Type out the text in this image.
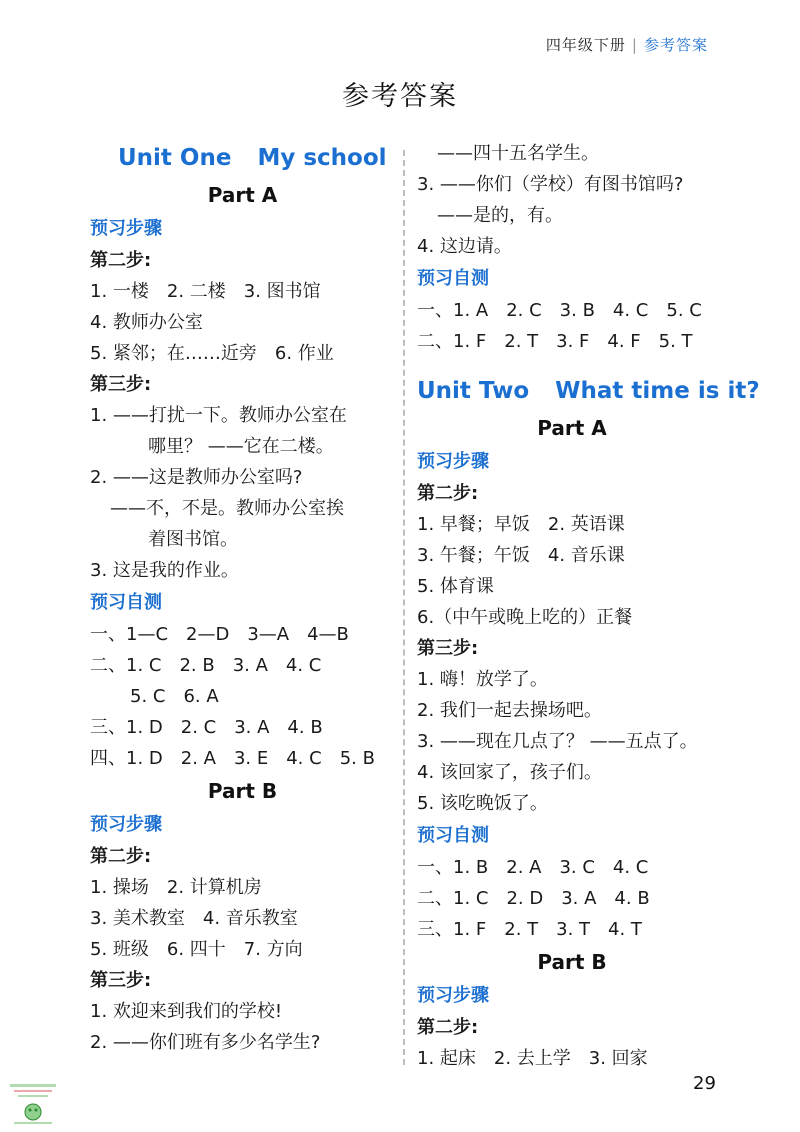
四年级下册 | 参考答案
参考答案
Unit One My school
Part A
预习步骤
第二步:
1. 一楼　2. 二楼　3. 图书馆
4. 教师办公室
5. 紧邻；在……近旁　6. 作业
第三步:
1. ——打扰一下。教师办公室在
哪里？ ——它在二楼。
2. ——这是教师办公室吗?
——不，不是。教师办公室挨
着图书馆。
3. 这是我的作业。
预习自测
一、1—C　2—D　3—A　4—B
二、1. C　2. B　3. A　4. C
5. C　6. A
三、1. D　2. C　3. A　4. B
四、1. D　2. A　3. E　4. C　5. B
Part B
预习步骤
第二步:
1. 操场　2. 计算机房
3. 美术教室　4. 音乐教室
5. 班级　6. 四十　7. 方向
第三步:
1. 欢迎来到我们的学校!
2. ——你们班有多少名学生?
——四十五名学生。
3. ——你们（学校）有图书馆吗?
——是的，有。
4. 这边请。
预习自测
一、1. A　2. C　3. B　4. C　5. C
二、1. F　2. T　3. F　4. F　5. T
Unit Two What time is it?
Part A
预习步骤
第二步:
1. 早餐；早饭　2. 英语课
3. 午餐；午饭　4. 音乐课
5. 体育课
6.（中午或晚上吃的）正餐
第三步:
1. 嗨！放学了。
2. 我们一起去操场吧。
3. ——现在几点了？ ——五点了。
4. 该回家了，孩子们。
5. 该吃晚饭了。
预习自测
一、1. B　2. A　3. C　4. C
二、1. C　2. D　3. A　4. B
三、1. F　2. T　3. T　4. T
Part B
预习步骤
第二步:
1. 起床　2. 去上学　3. 回家
29
